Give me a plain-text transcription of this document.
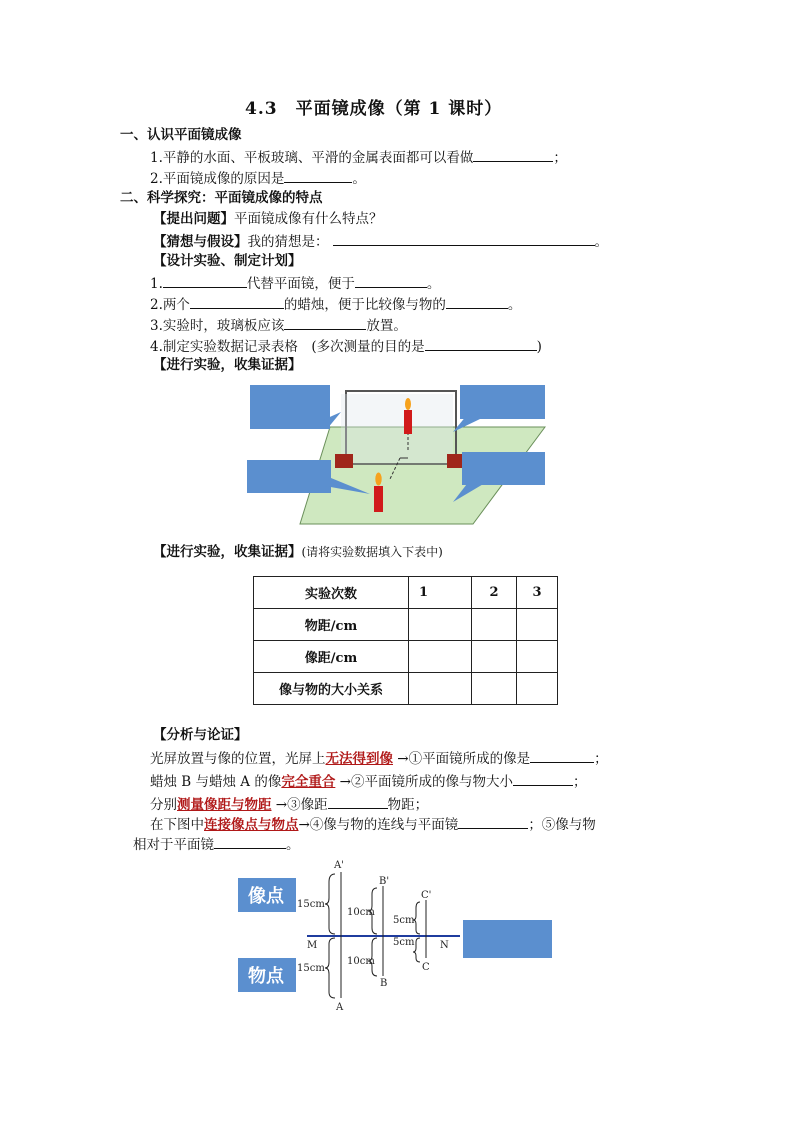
4.3　平面镜成像（第 1 课时）
一、认识平面镜成像
1.平静的水面、平板玻璃、平滑的金属表面都可以看做	；
2.平面镜成像的原因是	。
二、科学探究：平面镜成像的特点
【提出问题】平面镜成像有什么特点？
【猜想与假设】我的猜想是：	。
【设计实验、制定计划】
1.	代替平面镜，便于	。
2.两个	的蜡烛，便于比较像与物的	。
3.实验时，玻璃板应该	放置。
4.制定实验数据记录表格　(多次测量的目的是	)
【进行实验，收集证据】
【进行实验，收集证据】(请将实验数据填入下表中)
实验次数	1	2	3
物距/cm			
像距/cm			
像与物的大小关系			
【分析与论证】
光屏放置与像的位置，光屏上无法得到像 →①平面镜所成的像是	；
蜡烛 B 与蜡烛 A 的像完全重合 →②平面镜所成的像与物大小	；
分别测量像距与物距 →③像距	物距；
在下图中连接像点与物点→④像与物的连线与平面镜	；⑤像与物
相对于平面镜	。
A'
B'
C'
M	N
A
B
C
15cm
15cm
10cm
10cm
5cm
5cm
像点
物点
